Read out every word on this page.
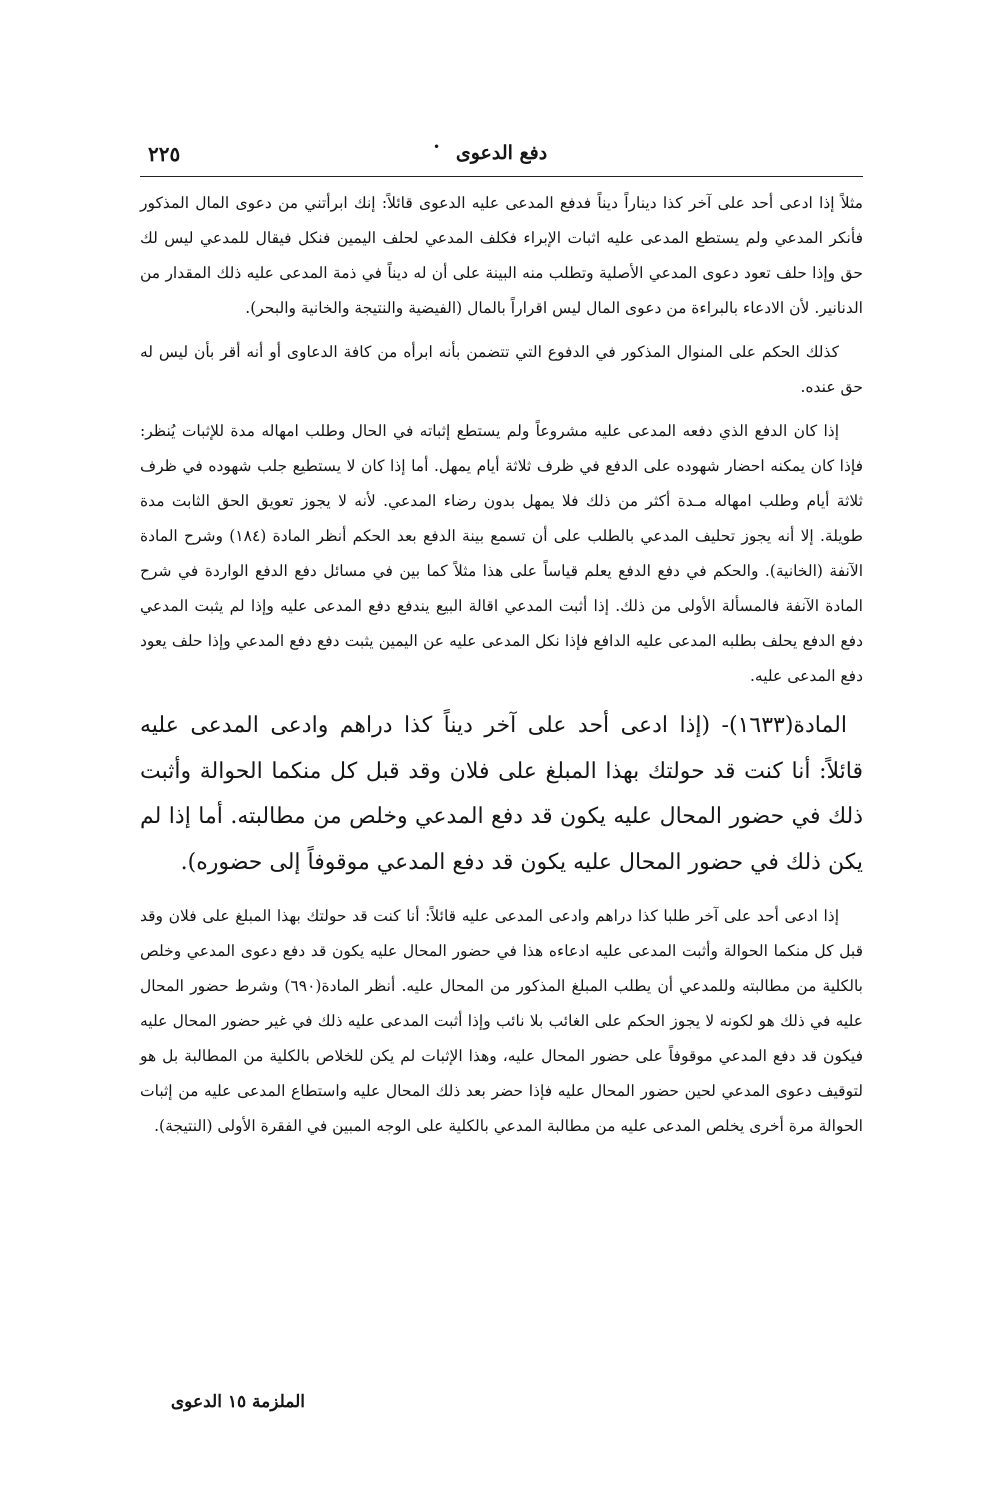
دفع الدعوى
•
٢٢٥

مثلاً إذا ادعى أحد على آخر كذا ديناراً ديناً فدفع المدعى عليه الدعوى قائلاً: إنك ابرأتني من دعوى المال المذكور فأنكر المدعي ولم يستطع المدعى عليه اثبات الإبراء فكلف المدعي لحلف اليمين فنكل فيقال للمدعي ليس لك حق وإذا حلف تعود دعوى المدعي الأصلية وتطلب منه البينة على أن له ديناً في ذمة المدعى عليه ذلك المقدار من الدنانير. لأن الادعاء بالبراءة من دعوى المال ليس اقراراً بالمال (الفيضية والنتيجة والخانية والبحر).

كذلك الحكم على المنوال المذكور في الدفوع التي تتضمن بأنه ابرأه من كافة الدعاوى أو أنه أقر بأن ليس له حق عنده.

إذا كان الدفع الذي دفعه المدعى عليه مشروعاً ولم يستطع إثباته في الحال وطلب امهاله مدة للإثبات يُنظر: فإذا كان يمكنه احضار شهوده على الدفع في ظرف ثلاثة أيام يمهل. أما إذا كان لا يستطيع جلب شهوده في ظرف ثلاثة أيام وطلب امهاله مـدة أكثر من ذلك فلا يمهل بدون رضاء المدعي. لأنه لا يجوز تعويق الحق الثابت مدة طويلة. إلا أنه يجوز تحليف المدعي بالطلب على أن تسمع بينة الدفع بعد الحكم أنظر المادة (١٨٤) وشرح المادة الآنفة (الخانية). والحكم في دفع الدفع يعلم قياساً على هذا مثلاً كما بين في مسائل دفع الدفع الواردة في شرح المادة الآنفة فالمسألة الأولى من ذلك. إذا أثبت المدعي اقالة البيع يندفع دفع المدعى عليه وإذا لم يثبت المدعي دفع الدفع يحلف بطلبه المدعى عليه الدافع فإذا نكل المدعى عليه عن اليمين يثبت دفع دفع المدعي وإذا حلف يعود دفع المدعى عليه.

المادة(١٦٣٣)- (إذا ادعى أحد على آخر ديناً كذا دراهم وادعى المدعى عليه قائلاً: أنا كنت قد حولتك بهذا المبلغ على فلان وقد قبل كل منكما الحوالة وأثبت ذلك في حضور المحال عليه يكون قد دفع المدعي وخلص من مطالبته. أما إذا لم يكن ذلك في حضور المحال عليه يكون قد دفع المدعي موقوفاً إلى حضوره).

إذا ادعى أحد على آخر طلبا كذا دراهم وادعى المدعى عليه قائلاً: أنا كنت قد حولتك بهذا المبلغ على فلان وقد قبل كل منكما الحوالة وأثبت المدعى عليه ادعاءه هذا في حضور المحال عليه يكون قد دفع دعوى المدعي وخلص بالكلية من مطالبته وللمدعي أن يطلب المبلغ المذكور من المحال عليه. أنظر المادة(٦٩٠) وشرط حضور المحال عليه في ذلك هو لكونه لا يجوز الحكم على الغائب بلا نائب وإذا أثبت المدعى عليه ذلك في غير حضور المحال عليه فيكون قد دفع المدعي موقوفاً على حضور المحال عليه، وهذا الإثبات لم يكن للخلاص بالكلية من المطالبة بل هو لتوقيف دعوى المدعي لحين حضور المحال عليه فإذا حضر بعد ذلك المحال عليه واستطاع المدعى عليه من إثبات الحوالة مرة أخرى يخلص المدعى عليه من مطالبة المدعي بالكلية على الوجه المبين في الفقرة الأولى (النتيجة).

الملزمة ١٥ الدعوى
